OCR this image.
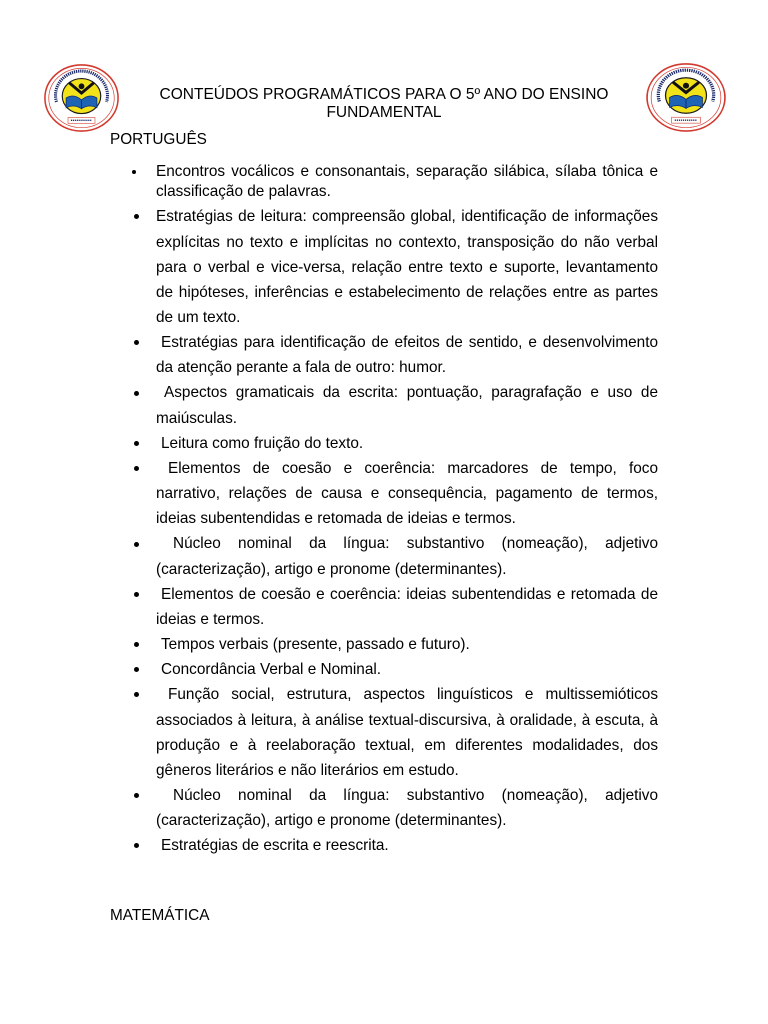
CONTEÚDOS PROGRAMÁTICOS PARA O 5º ANO DO ENSINO FUNDAMENTAL
PORTUGUÊS
Encontros vocálicos e consonantais, separação silábica, sílaba tônica e
classificação de palavras.
Estratégias de leitura: compreensão global, identificação de informações
explícitas no texto e implícitas no contexto, transposição do não verbal
para o verbal e vice-versa, relação entre texto e suporte, levantamento
de hipóteses, inferências e estabelecimento de relações entre as partes
de um texto.
Estratégias para identificação de efeitos de sentido, e desenvolvimento
da atenção perante a fala de outro: humor.
Aspectos gramaticais da escrita: pontuação, paragrafação e uso de
maiúsculas.
Leitura como fruição do texto.
Elementos de coesão e coerência: marcadores de tempo, foco
narrativo, relações de causa e consequência, pagamento de termos,
ideias subentendidas e retomada de ideias e termos.
Núcleo nominal da língua: substantivo (nomeação), adjetivo
(caracterização), artigo e pronome (determinantes).
Elementos de coesão e coerência: ideias subentendidas e retomada de
ideias e termos.
Tempos verbais (presente, passado e futuro).
Concordância Verbal e Nominal.
Função social, estrutura, aspectos linguísticos e multissemióticos
associados à leitura, à análise textual-discursiva, à oralidade, à escuta, à
produção e à reelaboração textual, em diferentes modalidades, dos
gêneros literários e não literários em estudo.
Núcleo nominal da língua: substantivo (nomeação), adjetivo
(caracterização), artigo e pronome (determinantes).
Estratégias de escrita e reescrita.
MATEMÁTICA
